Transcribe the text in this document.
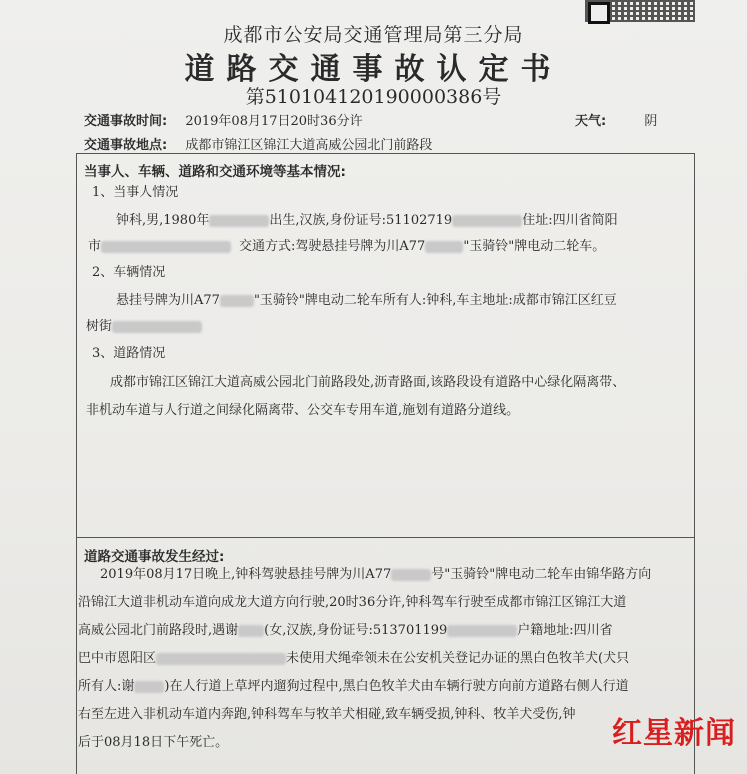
成都市公安局交通管理局第三分局
道路交通事故认定书
第510104120190000386号
交通事故时间: 2019年08月17日20时36分许	天气:	阴
交通事故地点: 成都市锦江区锦江大道高威公园北门前路段
当事人、车辆、道路和交通环境等基本情况:
1、当事人情况
钟科,男,1980年	出生,汉族,身份证号:51102719	住址:四川省简阳
市	交通方式:驾驶悬挂号牌为川A77	"玉骑铃"牌电动二轮车。
2、车辆情况
悬挂号牌为川A77	"玉骑铃"牌电动二轮车所有人:钟科,车主地址:成都市锦江区红豆
树街
3、道路情况
成都市锦江区锦江大道高威公园北门前路段处,沥青路面,该路段设有道路中心绿化隔离带、
非机动车道与人行道之间绿化隔离带、公交车专用车道,施划有道路分道线。
道路交通事故发生经过:
2019年08月17日晚上,钟科驾驶悬挂号牌为川A77	号"玉骑铃"牌电动二轮车由锦华路方向
沿锦江大道非机动车道向成龙大道方向行驶,20时36分许,钟科驾车行驶至成都市锦江区锦江大道
高威公园北门前路段时,遇谢 (女,汉族,身份证号:513701199	户籍地址:四川省
巴中市恩阳区	未使用犬绳牵领未在公安机关登记办证的黑白色牧羊犬(犬只
所有人:谢 )在人行道上草坪内遛狗过程中,黑白色牧羊犬由车辆行驶方向前方道路右侧人行道
右至左进入非机动车道内奔跑,钟科驾车与牧羊犬相碰,致车辆受损,钟科、牧羊犬受伤,钟
后于08月18日下午死亡。	红星新闻
